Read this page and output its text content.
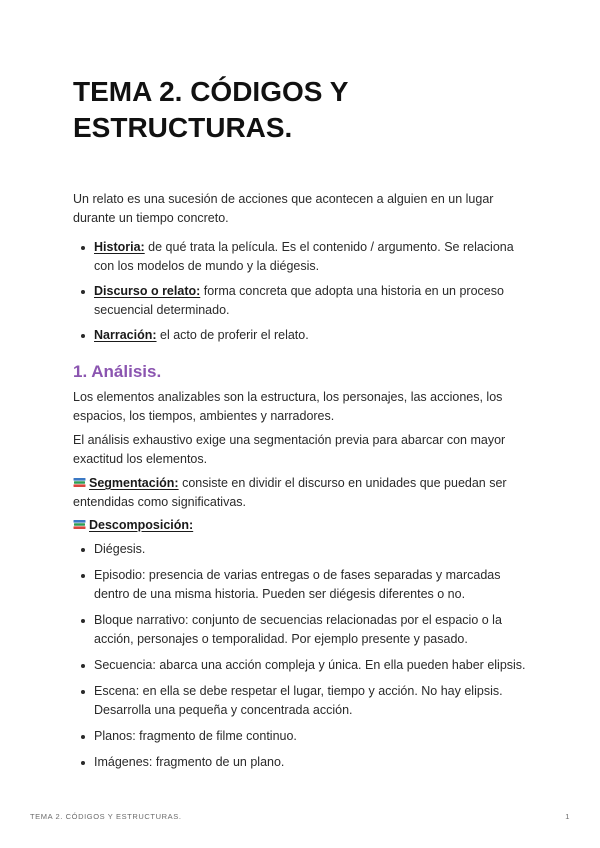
TEMA 2. CÓDIGOS Y ESTRUCTURAS.

Un relato es una sucesión de acciones que acontecen a alguien en un lugar durante un tiempo concreto.

Historia: de qué trata la película. Es el contenido / argumento. Se relaciona con los modelos de mundo y la diégesis.
Discurso o relato: forma concreta que adopta una historia en un proceso secuencial determinado.
Narración: el acto de proferir el relato.
1. Análisis.

Los elementos analizables son la estructura, los personajes, las acciones, los espacios, los tiempos, ambientes y narradores.

El análisis exhaustivo exige una segmentación previa para abarcar con mayor exactitud los elementos.

Segmentación: consiste en dividir el discurso en unidades que puedan ser entendidas como significativas.

Descomposición:

Diégesis.
Episodio: presencia de varias entregas o de fases separadas y marcadas dentro de una misma historia. Pueden ser diégesis diferentes o no.
Bloque narrativo: conjunto de secuencias relacionadas por el espacio o la acción, personajes o temporalidad. Por ejemplo presente y pasado.
Secuencia: abarca una acción compleja y única. En ella pueden haber elipsis.
Escena: en ella se debe respetar el lugar, tiempo y acción. No hay elipsis. Desarrolla una pequeña y concentrada acción.
Planos: fragmento de filme continuo.
Imágenes: fragmento de un plano.
TEMA 2. CÓDIGOS Y ESTRUCTURAS.	1
